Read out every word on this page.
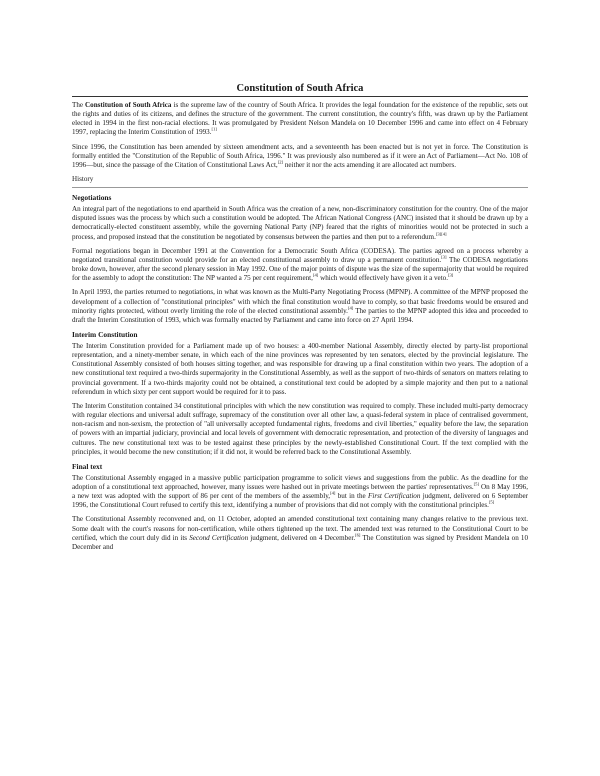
Constitution of South Africa

The Constitution of South Africa is the supreme law of the country of South Africa. It provides the legal foundation for the existence of the republic, sets out the rights and duties of its citizens, and defines the structure of the government. The current constitution, the country's fifth, was drawn up by the Parliament elected in 1994 in the first non-racial elections. It was promulgated by President Nelson Mandela on 10 December 1996 and came into effect on 4 February 1997, replacing the Interim Constitution of 1993.[1]

Since 1996, the Constitution has been amended by sixteen amendment acts, and a seventeenth has been enacted but is not yet in force. The Constitution is formally entitled the "Constitution of the Republic of South Africa, 1996." It was previously also numbered as if it were an Act of Parliament—Act No. 108 of 1996—but, since the passage of the Citation of Constitutional Laws Act,[2] neither it nor the acts amending it are allocated act numbers.

History
Negotiations

An integral part of the negotiations to end apartheid in South Africa was the creation of a new, non-discriminatory constitution for the country. One of the major disputed issues was the process by which such a constitution would be adopted. The African National Congress (ANC) insisted that it should be drawn up by a democratically-elected constituent assembly, while the governing National Party (NP) feared that the rights of minorities would not be protected in such a process, and proposed instead that the constitution be negotiated by consensus between the parties and then put to a referendum.[3][4]

Formal negotiations began in December 1991 at the Convention for a Democratic South Africa (CODESA). The parties agreed on a process whereby a negotiated transitional constitution would provide for an elected constitutional assembly to draw up a permanent constitution.[3] The CODESA negotiations broke down, however, after the second plenary session in May 1992. One of the major points of dispute was the size of the supermajority that would be required for the assembly to adopt the constitution: The NP wanted a 75 per cent requirement,[4] which would effectively have given it a veto.[3]

In April 1993, the parties returned to negotiations, in what was known as the Multi-Party Negotiating Process (MPNP). A committee of the MPNP proposed the development of a collection of "constitutional principles" with which the final constitution would have to comply, so that basic freedoms would be ensured and minority rights protected, without overly limiting the role of the elected constitutional assembly.[4] The parties to the MPNP adopted this idea and proceeded to draft the Interim Constitution of 1993, which was formally enacted by Parliament and came into force on 27 April 1994.

Interim Constitution

The Interim Constitution provided for a Parliament made up of two houses: a 400-member National Assembly, directly elected by party-list proportional representation, and a ninety-member senate, in which each of the nine provinces was represented by ten senators, elected by the provincial legislature. The Constitutional Assembly consisted of both houses sitting together, and was responsible for drawing up a final constitution within two years. The adoption of a new constitutional text required a two-thirds supermajority in the Constitutional Assembly, as well as the support of two-thirds of senators on matters relating to provincial government. If a two-thirds majority could not be obtained, a constitutional text could be adopted by a simple majority and then put to a national referendum in which sixty per cent support would be required for it to pass.

The Interim Constitution contained 34 constitutional principles with which the new constitution was required to comply. These included multi-party democracy with regular elections and universal adult suffrage, supremacy of the constitution over all other law, a quasi-federal system in place of centralised government, non-racism and non-sexism, the protection of "all universally accepted fundamental rights, freedoms and civil liberties," equality before the law, the separation of powers with an impartial judiciary, provincial and local levels of government with democratic representation, and protection of the diversity of languages and cultures. The new constitutional text was to be tested against these principles by the newly-established Constitutional Court. If the text complied with the principles, it would become the new constitution; if it did not, it would be referred back to the Constitutional Assembly.

Final text

The Constitutional Assembly engaged in a massive public participation programme to solicit views and suggestions from the public. As the deadline for the adoption of a constitutional text approached, however, many issues were hashed out in private meetings between the parties' representatives.[5] On 8 May 1996, a new text was adopted with the support of 86 per cent of the members of the assembly,[4] but in the First Certification judgment, delivered on 6 September 1996, the Constitutional Court refused to certify this text, identifying a number of provisions that did not comply with the constitutional principles.[5]

The Constitutional Assembly reconvened and, on 11 October, adopted an amended constitutional text containing many changes relative to the previous text. Some dealt with the court's reasons for non-certification, while others tightened up the text. The amended text was returned to the Constitutional Court to be certified, which the court duly did in its Second Certification judgment, delivered on 4 December.[6] The Constitution was signed by President Mandela on 10 December and
